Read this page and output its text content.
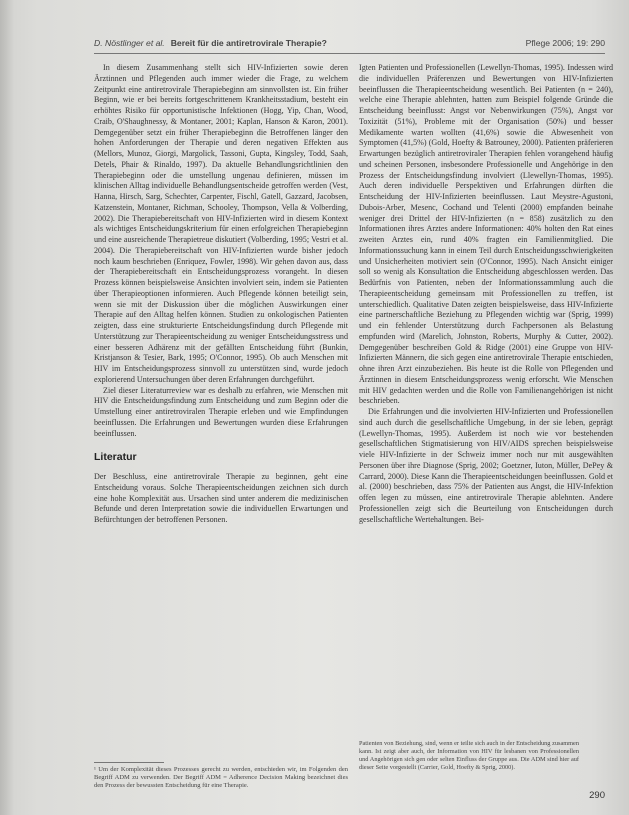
D. Nöstlinger et al. Bereit für die antiretrovirale Therapie?	Pflege 2006; 19: 290

In diesem Zusammenhang stellt sich HIV-Infizierten sowie deren Ärztinnen und Pflegenden auch immer wieder die Frage, zu welchem Zeitpunkt eine antiretrovirale Therapiebeginn am sinnvollsten ist. Ein früher Beginn, wie er bei bereits fortgeschrittenem Krankheitsstadium, besteht ein erhöhtes Risiko für opportunistische Infektionen (Hogg, Yip, Chan, Wood, Craib, O'Shaughnessy, & Montaner, 2001; Kaplan, Hanson & Karon, 2001). Demgegenüber setzt ein früher Therapiebeginn die Betroffenen länger den hohen Anforderungen der Therapie und deren negativen Effekten aus (Mellors, Munoz, Giorgi, Margolick, Tassoni, Gupta, Kingsley, Todd, Saah, Detels, Phair & Rinaldo, 1997). Da aktuelle Behandlungsrichtlinien den Therapiebeginn oder die umstellung ungenau definieren, müssen im klinischen Alltag individuelle Behandlungsentscheide getroffen werden (Vest, Hanna, Hirsch, Sarg, Schechter, Carpenter, Fischl, Gatell, Gazzard, Jacobsen, Katzenstein, Montaner, Richman, Schooley, Thompson, Vella & Volberding, 2002). Die Therapiebereitschaft von HIV-Infizierten wird in diesem Kontext als wichtiges Entscheidungskriterium für einen erfolgreichen Therapiebeginn und eine ausreichende Therapietreue diskutiert (Volberding, 1995; Vestri et al. 2004). Die Therapiebereitschaft von HIV-Infizierten wurde bisher jedoch noch kaum beschrieben (Enriquez, Fowler, 1998). Wir gehen davon aus, dass der Therapiebereitschaft ein Entscheidungsprozess vorangeht. In diesen Prozess können beispielsweise Ansichten involviert sein, indem sie Patienten über Therapieoptionen informieren. Auch Pflegende können beteiligt sein, wenn sie mit der Diskussion über die möglichen Auswirkungen einer Therapie auf den Alltag helfen können. Studien zu onkologischen Patienten zeigten, dass eine strukturierte Entscheidungsfindung durch Pflegende mit Unterstützung zur Therapieentscheidung zu weniger Entscheidungsstress und einer besseren Adhärenz mit der gefällten Entscheidung führt (Bunkin, Kristjanson & Tesier, Bark, 1995; O'Connor, 1995). Ob auch Menschen mit HIV im Entscheidungsprozess sinnvoll zu unterstützen sind, wurde jedoch explorierend Untersuchungen über deren Erfahrungen durchgeführt.

Ziel dieser Literaturreview war es deshalb zu erfahren, wie Menschen mit HIV die Entscheidungsfindung zum Entscheidung und zum Beginn oder die Umstellung einer antiretroviralen Therapie erleben und wie Empfindungen beeinflussen. Die Erfahrungen und Bewertungen wurden diese Erfahrungen beeinflussen.

Literatur

Der Beschluss, eine antiretrovirale Therapie zu beginnen, geht eine Entscheidung voraus. Solche Therapieentscheidungen zeichnen sich durch eine hohe Komplexität aus. Ursachen sind unter anderem die medizinischen Befunde und deren Interpretation sowie die individuellen Erwartungen und Befürchtungen der betroffenen Personen.

¹ Um der Komplexität dieses Prozesses gerecht zu werden, entschieden wir, im Folgenden den Begriff ADM zu verwenden. Der Begriff ADM = Adherence Decision Making bezeichnet dies den Prozess der bewussten Entscheidung für eine Therapie.

Igten Patienten und Professionellen (Lewellyn-Thomas, 1995). Indessen wird die individuellen Präferenzen und Bewertungen von HIV-Infizierten beeinflussen die Therapieentscheidung wesentlich. Bei Patienten (n = 240), welche eine Therapie ablehnten, hatten zum Beispiel folgende Gründe die Entscheidung beeinflusst: Angst vor Nebenwirkungen (75%), Angst vor Toxizität (51%), Probleme mit der Organisation (50%) und besser Medikamente warten wollten (41,6%) sowie die Abwesenheit von Symptomen (41,5%) (Gold, Hoefty & Batrouney, 2000). Patienten präferieren Erwartungen bezüglich antiretroviraler Therapien fehlen vorangehend häufig und scheinen Personen, insbesondere Professionelle und Angehörige in den Prozess der Entscheidungsfindung involviert (Llewellyn-Thomas, 1995). Auch deren individuelle Perspektiven und Erfahrungen dürften die Entscheidung der HIV-Infizierten beeinflussen. Laut Meystre-Agustoni, Dubois-Arber, Mesenc, Cochand und Telenti (2000) empfanden beinahe weniger drei Drittel der HIV-Infizierten (n = 858) zusätzlich zu den Informationen ihres Arztes andere Informationen: 40% holten den Rat eines zweiten Arztes ein, rund 40% fragten ein Familienmitglied. Die Informationssuchung kann in einem Teil durch Entscheidungsschwierigkeiten und Unsicherheiten motiviert sein (O'Connor, 1995). Nach Ansicht einiger soll so wenig als Konsultation die Entscheidung abgeschlossen werden. Das Bedürfnis von Patienten, neben der Informationssammlung auch die Therapieentscheidung gemeinsam mit Professionellen zu treffen, ist unterschiedlich. Qualitative Daten zeigten beispielsweise, dass HIV-Infizierte eine partnerschaftliche Beziehung zu Pflegenden wichtig war (Sprig, 1999) und ein fehlender Unterstützung durch Fachpersonen als Belastung empfunden wird (Marelich, Johnston, Roberts, Murphy & Cutter, 2002). Demgegenüber beschreiben Gold & Ridge (2001) eine Gruppe von HIV-Infizierten Männern, die sich gegen eine antiretrovirale Therapie entschieden, ohne ihren Arzt einzubeziehen. Bis heute ist die Rolle von Pflegenden und Ärztinnen in diesem Entscheidungsprozess wenig erforscht. Wie Menschen mit HIV gedachten werden und die Rolle von Familienangehörigen ist nicht beschrieben.

Die Erfahrungen und die involvierten HIV-Infizierten und Professionellen sind auch durch die gesellschaftliche Umgebung, in der sie leben, geprägt (Lewellyn-Thomas, 1995). Außerdem ist noch wie vor bestehenden gesellschaftlichen Stigmatisierung von HIV/AIDS sprechen beispielsweise viele HIV-Infizierte in der Schweiz immer noch nur mit ausgewählten Personen über ihre Diagnose (Sprig, 2002; Goetzner, Iuton, Müller, DePey & Carrard, 2000). Diese Kann die Therapieentscheidungen beeinflussen. Gold et al. (2000) beschrieben, dass 75% der Patienten aus Angst, die HIV-Infektion offen legen zu müssen, eine antiretrovirale Therapie ablehnten. Andere Professionellen zeigt sich die Beurteilung von Entscheidungen durch gesellschaftliche Wertehaltungen. Bei-

Patienten von Beziehung, sind, wenn er teilte sich auch in der Entscheidung zusammen kann. Ist zeigt aber auch, der Information von HIV für lesbanen von Professionellen und Angehörigen sich gen oder selten Einfluss der Gruppe aus. Die ADM sind hier auf dieser Seite vorgestellt (Carrier, Gold, Hoefty & Sprig, 2000).
290
